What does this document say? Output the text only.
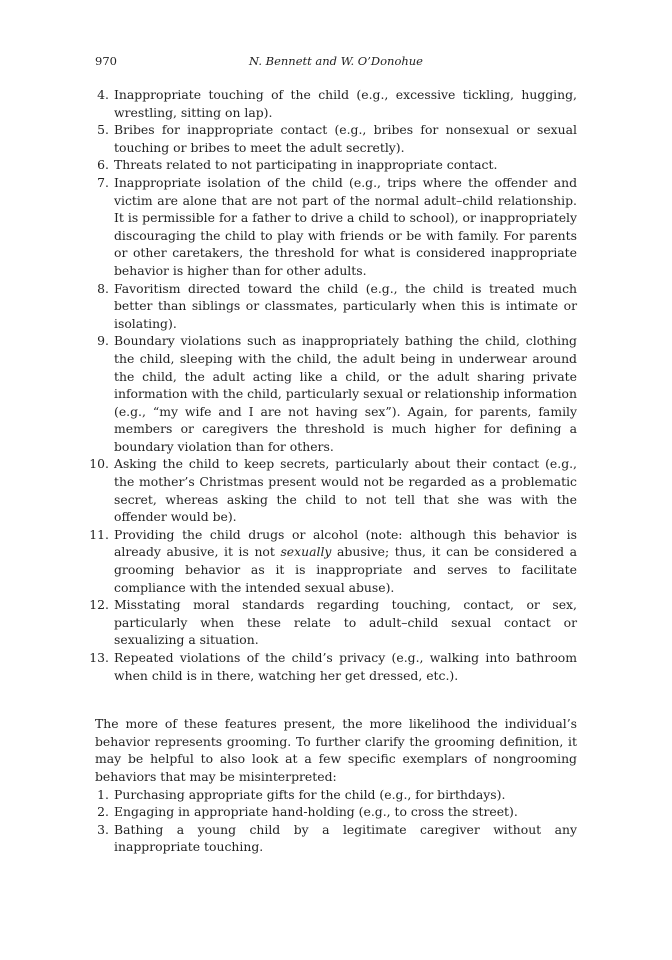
970	N. Bennett and W. O’Donohue
4. Inappropriate touching of the child (e.g., excessive tickling, hugging, wrestling, sitting on lap).
5. Bribes for inappropriate contact (e.g., bribes for nonsexual or sexual touching or bribes to meet the adult secretly).
6. Threats related to not participating in inappropriate contact.
7. Inappropriate isolation of the child (e.g., trips where the offender and victim are alone that are not part of the normal adult–child relationship. It is permissible for a father to drive a child to school), or inappropriately discouraging the child to play with friends or be with family. For parents or other caretakers, the threshold for what is considered inappropriate behavior is higher than for other adults.
8. Favoritism directed toward the child (e.g., the child is treated much better than siblings or classmates, particularly when this is intimate or isolating).
9. Boundary violations such as inappropriately bathing the child, clothing the child, sleeping with the child, the adult being in underwear around the child, the adult acting like a child, or the adult sharing private information with the child, particularly sexual or relationship information (e.g., “my wife and I are not having sex”). Again, for parents, family members or caregivers the threshold is much higher for defining a boundary violation than for others.
10. Asking the child to keep secrets, particularly about their contact (e.g., the mother’s Christmas present would not be regarded as a problematic secret, whereas asking the child to not tell that she was with the offender would be).
11. Providing the child drugs or alcohol (note: although this behavior is already abusive, it is not sexually abusive; thus, it can be considered a grooming behavior as it is inappropriate and serves to facilitate compliance with the intended sexual abuse).
12. Misstating moral standards regarding touching, contact, or sex, particularly when these relate to adult–child sexual contact or sexualizing a situation.
13. Repeated violations of the child’s privacy (e.g., walking into bathroom when child is in there, watching her get dressed, etc.).

The more of these features present, the more likelihood the individual’s behavior represents grooming. To further clarify the grooming definition, it may be helpful to also look at a few specific exemplars of nongrooming behaviors that may be misinterpreted:

1. Purchasing appropriate gifts for the child (e.g., for birthdays).
2. Engaging in appropriate hand-holding (e.g., to cross the street).
3. Bathing a young child by a legitimate caregiver without any inappropriate touching.
